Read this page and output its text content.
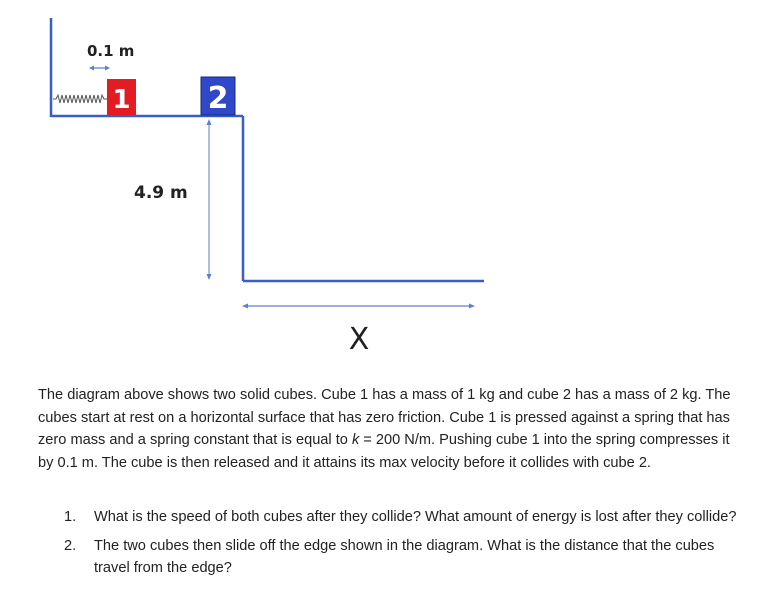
0.1 m
1	2
4.9 m
X

The diagram above shows two solid cubes. Cube 1 has a mass of 1 kg and cube 2 has a mass of 2 kg. The cubes start at rest on a horizontal surface that has zero friction. Cube 1 is pressed against a spring that has zero mass and a spring constant that is equal to k = 200 N/m. Pushing cube 1 into the spring compresses it by 0.1 m. The cube is then released and it attains its max velocity before it collides with cube 2.

1. What is the speed of both cubes after they collide? What amount of energy is lost after they collide?
2. The two cubes then slide off the edge shown in the diagram. What is the distance that the cubes travel from the edge?
